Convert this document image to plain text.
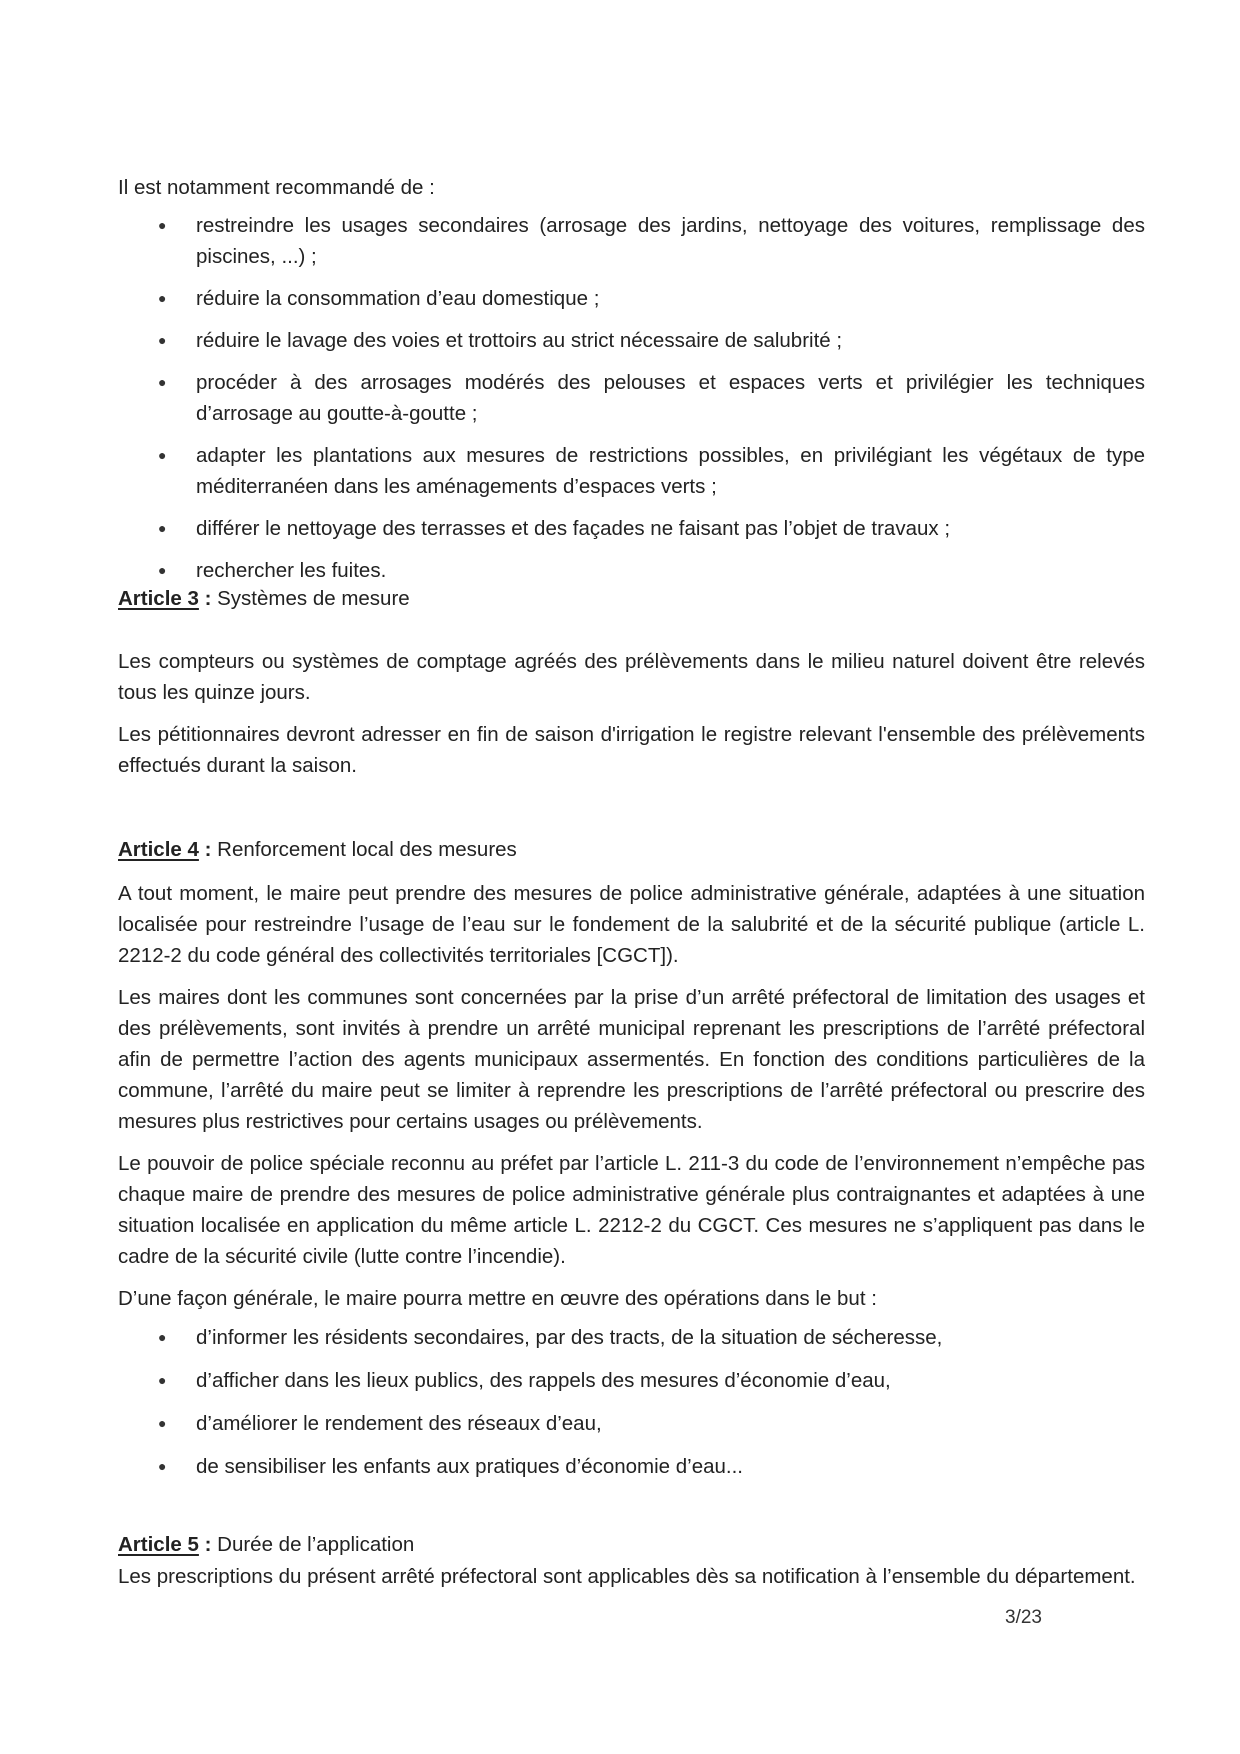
Il est notamment recommandé de :

● restreindre les usages secondaires (arrosage des jardins, nettoyage des voitures, remplissage des piscines, ...) ;
● réduire la consommation d’eau domestique ;
● réduire le lavage des voies et trottoirs au strict nécessaire de salubrité ;
● procéder à des arrosages modérés des pelouses et espaces verts et privilégier les techniques d’arrosage au goutte-à-goutte ;
● adapter les plantations aux mesures de restrictions possibles, en privilégiant les végétaux de type méditerranéen dans les aménagements d’espaces verts ;
● différer le nettoyage des terrasses et des façades ne faisant pas l’objet de travaux ;
● rechercher les fuites.

Article 3 : Systèmes de mesure

Les compteurs ou systèmes de comptage agréés des prélèvements dans le milieu naturel doivent être relevés tous les quinze jours.

Les pétitionnaires devront adresser en fin de saison d'irrigation le registre relevant l'ensemble des prélèvements effectués durant la saison.

Article 4 : Renforcement local des mesures

A tout moment, le maire peut prendre des mesures de police administrative générale, adaptées à une situation localisée pour restreindre l’usage de l’eau sur le fondement de la salubrité et de la sécurité publique (article L. 2212-2 du code général des collectivités territoriales [CGCT]).

Les maires dont les communes sont concernées par la prise d’un arrêté préfectoral de limitation des usages et des prélèvements, sont invités à prendre un arrêté municipal reprenant les prescriptions de l’arrêté préfectoral afin de permettre l’action des agents municipaux assermentés. En fonction des conditions particulières de la commune, l’arrêté du maire peut se limiter à reprendre les prescriptions de l’arrêté préfectoral ou prescrire des mesures plus restrictives pour certains usages ou prélèvements.

Le pouvoir de police spéciale reconnu au préfet par l’article L. 211-3 du code de l’environnement n’empêche pas chaque maire de prendre des mesures de police administrative générale plus contraignantes et adaptées à une situation localisée en application du même article L. 2212-2 du CGCT. Ces mesures ne s’appliquent pas dans le cadre de la sécurité civile (lutte contre l’incendie).

D’une façon générale, le maire pourra mettre en œuvre des opérations dans le but :

● d’informer les résidents secondaires, par des tracts, de la situation de sécheresse,
● d’afficher dans les lieux publics, des rappels des mesures d’économie d’eau,
● d’améliorer le rendement des réseaux d’eau,
● de sensibiliser les enfants aux pratiques d’économie d’eau...

Article 5 : Durée de l’application

Les prescriptions du présent arrêté préfectoral sont applicables dès sa notification à l’ensemble du département.

3/23
